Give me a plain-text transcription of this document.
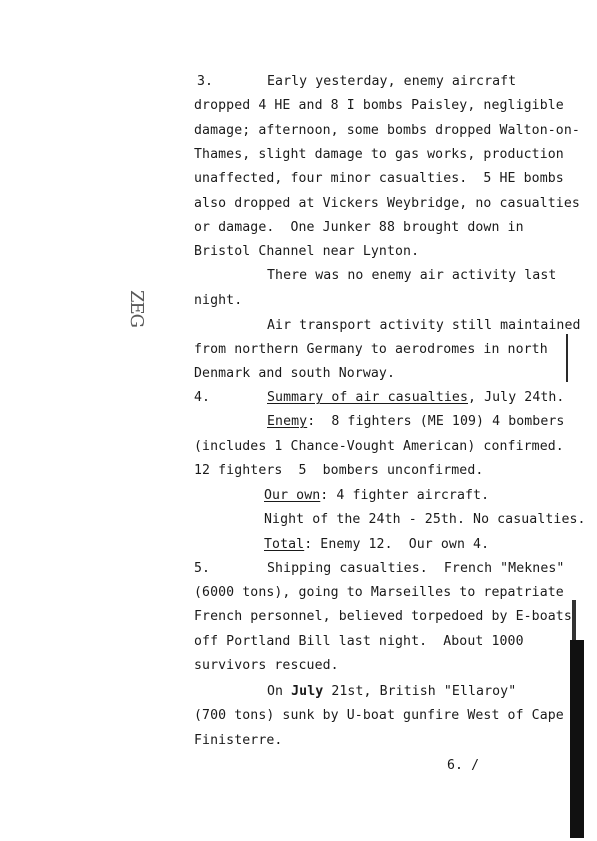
ZEG
3.	Early yesterday, enemy aircraft
dropped 4 HE and 8 I bombs Paisley, negligible
damage; afternoon, some bombs dropped Walton-on-
Thames, slight damage to gas works, production
unaffected, four minor casualties.  5 HE bombs
also dropped at Vickers Weybridge, no casualties
or damage.  One Junker 88 brought down in
Bristol Channel near Lynton.
There was no enemy air activity last
night.
Air transport activity still maintained
from northern Germany to aerodromes in north
Denmark and south Norway.
4.	Summary of air casualties, July 24th.
Enemy:  8 fighters (ME 109) 4 bombers
(includes 1 Chance-Vought American) confirmed.
12 fighters  5  bombers unconfirmed.
Our own: 4 fighter aircraft.
Night of the 24th - 25th. No casualties.
Total: Enemy 12.  Our own 4.
5.	Shipping casualties.  French "Meknes"
(6000 tons), going to Marseilles to repatriate
French personnel, believed torpedoed by E-boats
off Portland Bill last night.  About 1000
survivors rescued.
On July 21st, British "Ellaroy"
(700 tons) sunk by U-boat gunfire West of Cape
Finisterre.
6. /
